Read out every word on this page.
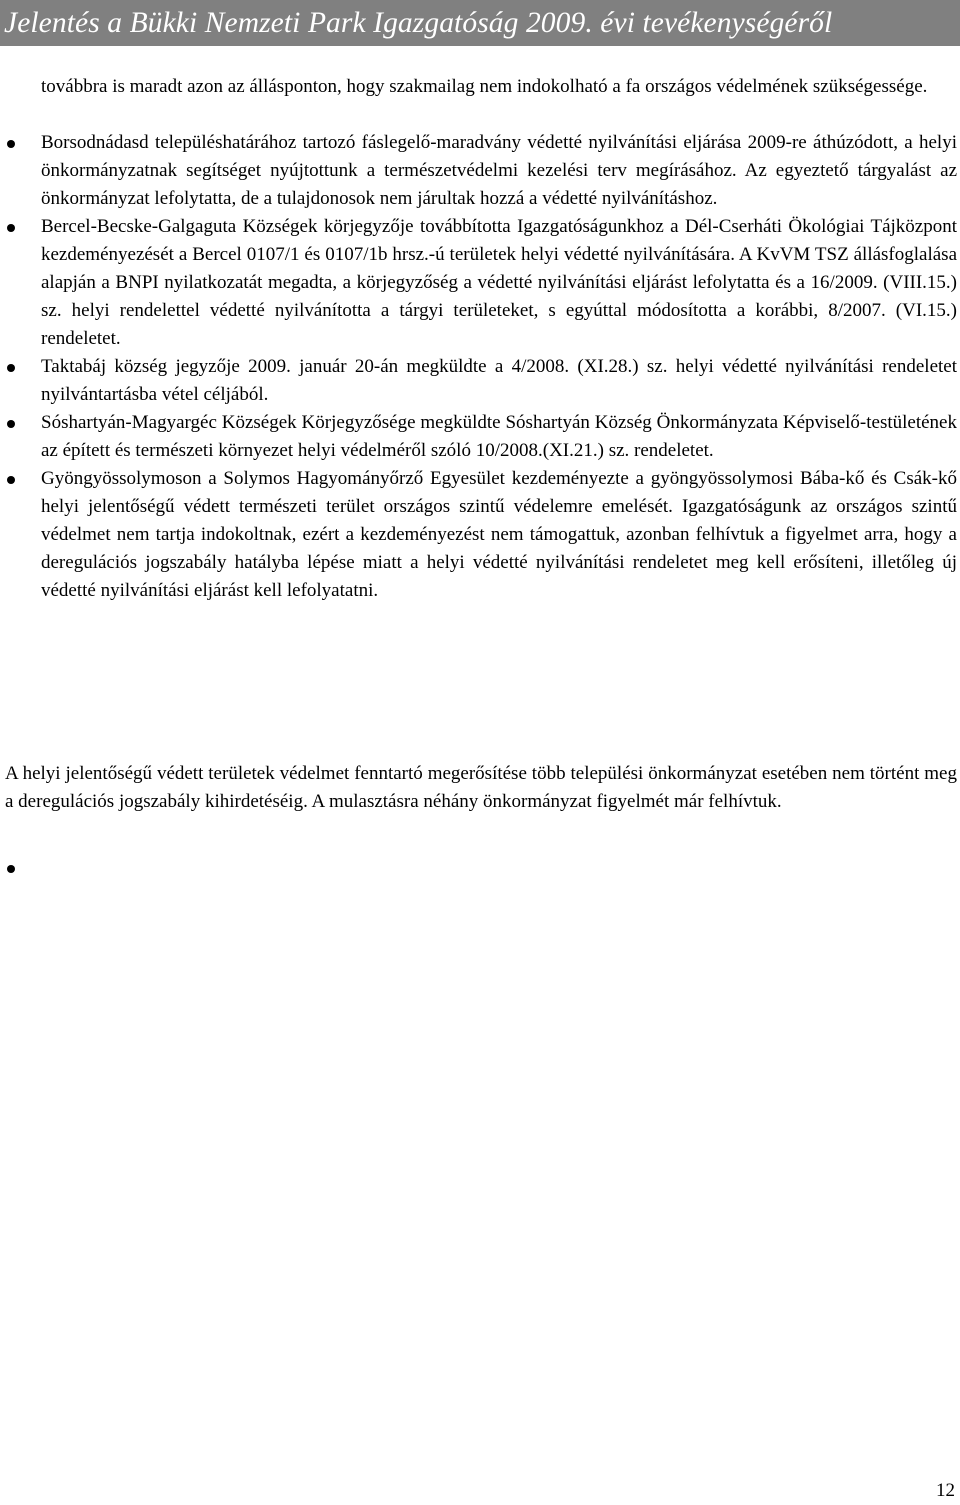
Jelentés a Bükki Nemzeti Park Igazgatóság 2009. évi tevékenységéről
továbbra is maradt azon az állásponton, hogy szakmailag nem indokolható a fa országos védelmének szükségessége.
Borsodnádasd településhatárához tartozó fáslegelő-maradvány védetté nyilvánítási eljárása 2009-re áthúzódott, a helyi önkormányzatnak segítséget nyújtottunk a természetvédelmi kezelési terv megírásához. Az egyeztető tárgyalást az önkormányzat lefolytatta, de a tulajdonosok nem járultak hozzá a védetté nyilvánításhoz.
Bercel-Becske-Galgaguta Községek körjegyzője továbbította Igazgatóságunkhoz a Dél-Cserháti Ökológiai Tájközpont kezdeményezését a Bercel 0107/1 és 0107/1b hrsz.-ú területek helyi védetté nyilvánítására. A KvVM TSZ állásfoglalása alapján a BNPI nyilatkozatát megadta, a körjegyzőség a védetté nyilvánítási eljárást lefolytatta és a 16/2009. (VIII.15.) sz. helyi rendelettel védetté nyilvánította a tárgyi területeket, s egyúttal módosította a korábbi, 8/2007. (VI.15.) rendeletet.
Taktabáj község jegyzője 2009. január 20-án megküldte a 4/2008. (XI.28.) sz. helyi védetté nyilvánítási rendeletet nyilvántartásba vétel céljából.
Sóshartyán-Magyargéc Községek Körjegyzősége megküldte Sóshartyán Község Önkormányzata Képviselő-testületének az épített és természeti környezet helyi védelméről szóló 10/2008.(XI.21.) sz. rendeletet.
Gyöngyössolymoson a Solymos Hagyományőrző Egyesület kezdeményezte a gyöngyössolymosi Bába-kő és Csák-kő helyi jelentőségű védett természeti terület országos szintű védelemre emelését. Igazgatóságunk az országos szintű védelmet nem tartja indokoltnak, ezért a kezdeményezést nem támogattuk, azonban felhívtuk a figyelmet arra, hogy a deregulációs jogszabály hatályba lépése miatt a helyi védetté nyilvánítási rendeletet meg kell erősíteni, illetőleg új védetté nyilvánítási eljárást kell lefolyatatni.
A helyi jelentőségű védett területek védelmet fenntartó megerősítése több települési önkormányzat esetében nem történt meg a deregulációs jogszabály kihirdetéséig. A mulasztásra néhány önkormányzat figyelmét már felhívtuk.
12
